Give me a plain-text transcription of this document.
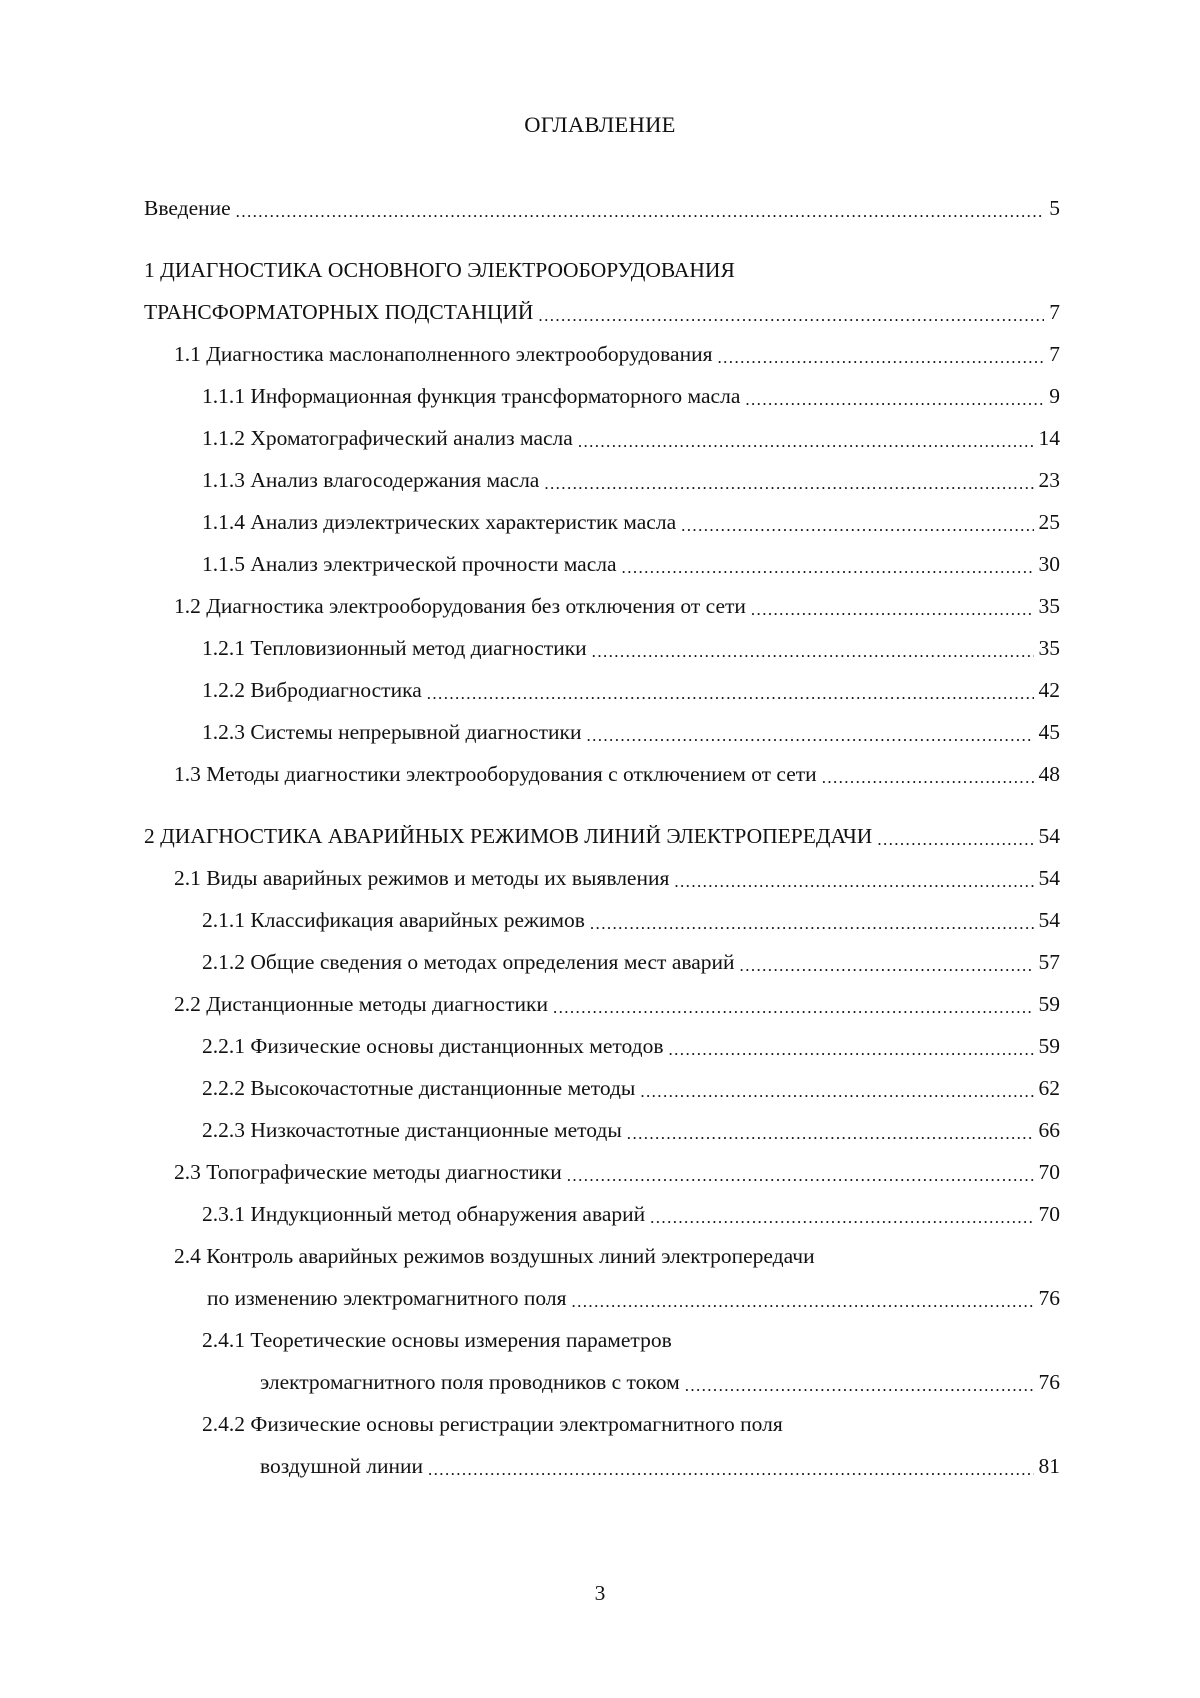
ОГЛАВЛЕНИЕ
Введение .....	5
1 ДИАГНОСТИКА ОСНОВНОГО ЭЛЕКТРООБОРУДОВАНИЯ
ТРАНСФОРМАТОРНЫХ ПОДСТАНЦИЙ .....	7
1.1 Диагностика маслонаполненного электрооборудования .....	7
1.1.1 Информационная функция трансформаторного масла .....	9
1.1.2 Хроматографический анализ масла .....	14
1.1.3 Анализ влагосодержания масла .....	23
1.1.4 Анализ диэлектрических характеристик масла .....	25
1.1.5 Анализ электрической прочности масла .....	30
1.2 Диагностика электрооборудования без отключения от сети .....	35
1.2.1 Тепловизионный метод диагностики .....	35
1.2.2 Вибродиагностика .....	42
1.2.3 Системы непрерывной диагностики .....	45
1.3 Методы диагностики электрооборудования с отключением от сети .....	48
2 ДИАГНОСТИКА АВАРИЙНЫХ РЕЖИМОВ ЛИНИЙ ЭЛЕКТРОПЕРЕДАЧИ .....	54
2.1 Виды аварийных режимов и методы их выявления .....	54
2.1.1 Классификация аварийных режимов .....	54
2.1.2 Общие сведения о методах определения мест аварий .....	57
2.2 Дистанционные методы диагностики .....	59
2.2.1 Физические основы дистанционных методов .....	59
2.2.2 Высокочастотные дистанционные методы .....	62
2.2.3 Низкочастотные дистанционные методы .....	66
2.3 Топографические методы диагностики .....	70
2.3.1 Индукционный метод обнаружения аварий .....	70
2.4 Контроль аварийных режимов воздушных линий электропередачи
по изменению электромагнитного поля .....	76
2.4.1 Теоретические основы измерения параметров
электромагнитного поля проводников с током .....	76
2.4.2 Физические основы регистрации электромагнитного поля
воздушной линии .....	81
3
